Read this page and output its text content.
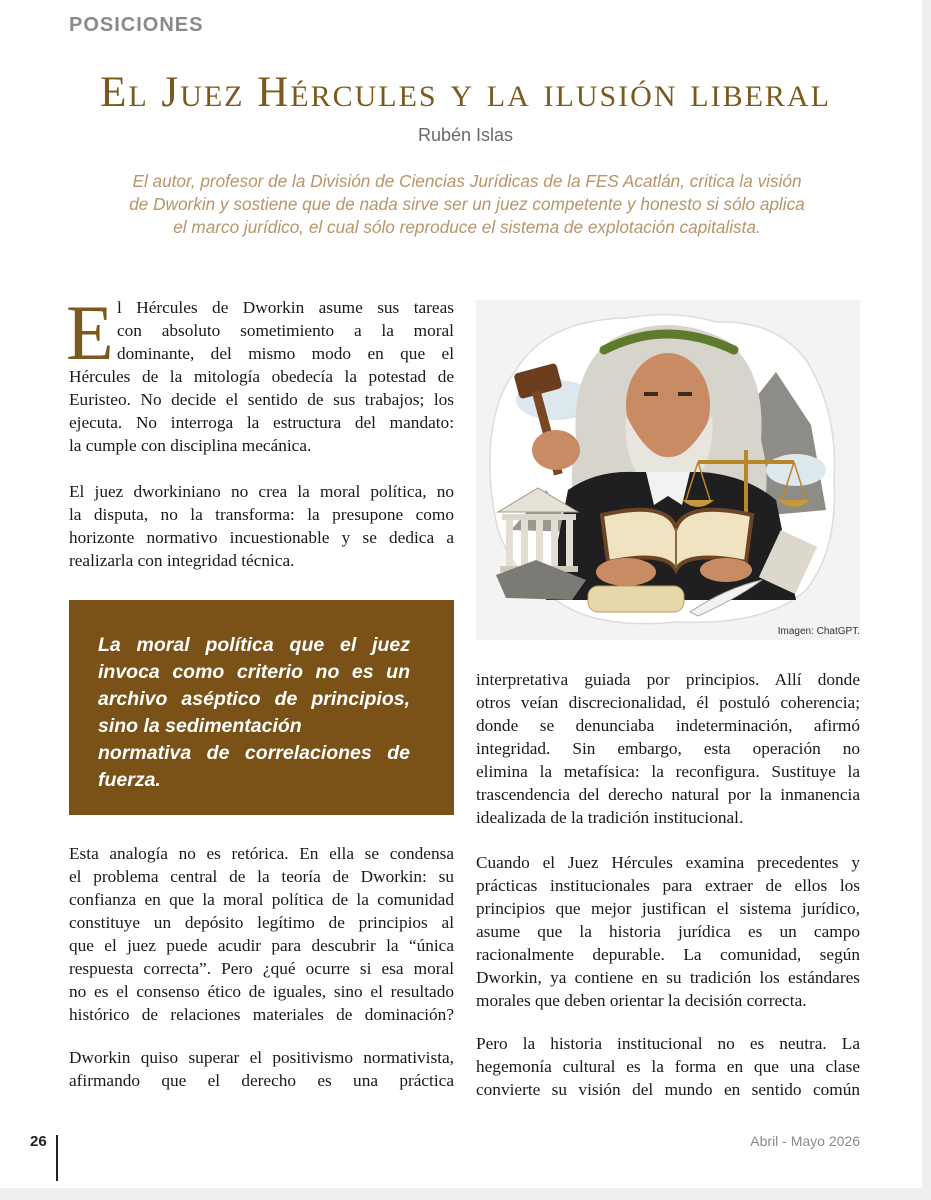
POSICIONES
El Juez Hércules y la ilusión liberal
Rubén Islas
El autor, profesor de la División de Ciencias Jurídicas de la FES Acatlán, critica la visión
de Dworkin y sostiene que de nada sirve ser un juez competente y honesto si sólo aplica
el marco jurídico, el cual sólo reproduce el sistema de explotación capitalista.
E l Hércules de Dworkin asume sus tareas
con absoluto sometimiento a la moral
dominante, del mismo modo en que el
Hércules de la mitología obedecía la potestad de
Euristeo. No decide el sentido de sus trabajos; los
ejecuta. No interroga la estructura del mandato:
la cumple con disciplina mecánica.
El juez dworkiniano no crea la moral política, no
la disputa, no la transforma: la presupone como
horizonte normativo incuestionable y se dedica a
realizarla con integridad técnica.
La moral política que el juez
invoca como criterio no es un
archivo aséptico de principios,
sino la sedimentación
normativa de correlaciones de
fuerza.
Esta analogía no es retórica. En ella se condensa
el problema central de la teoría de Dworkin: su
confianza en que la moral política de la comunidad
constituye un depósito legítimo de principios al
que el juez puede acudir para descubrir la “única
respuesta correcta”. Pero ¿qué ocurre si esa moral
no es el consenso ético de iguales, sino el resultado
histórico de relaciones materiales de dominación?
Dworkin quiso superar el positivismo normativista,
afirmando que el derecho es una práctica
Imagen: ChatGPT.
interpretativa guiada por principios. Allí donde
otros veían discrecionalidad, él postuló coherencia;
donde se denunciaba indeterminación, afirmó
integridad. Sin embargo, esta operación no
elimina la metafísica: la reconfigura. Sustituye la
trascendencia del derecho natural por la inmanencia
idealizada de la tradición institucional.
Cuando el Juez Hércules examina precedentes y
prácticas institucionales para extraer de ellos los
principios que mejor justifican el sistema jurídico,
asume que la historia jurídica es un campo
racionalmente depurable. La comunidad, según
Dworkin, ya contiene en su tradición los estándares
morales que deben orientar la decisión correcta.
Pero la historia institucional no es neutra. La
hegemonía cultural es la forma en que una clase
convierte su visión del mundo en sentido común
26	Abril - Mayo 2026
